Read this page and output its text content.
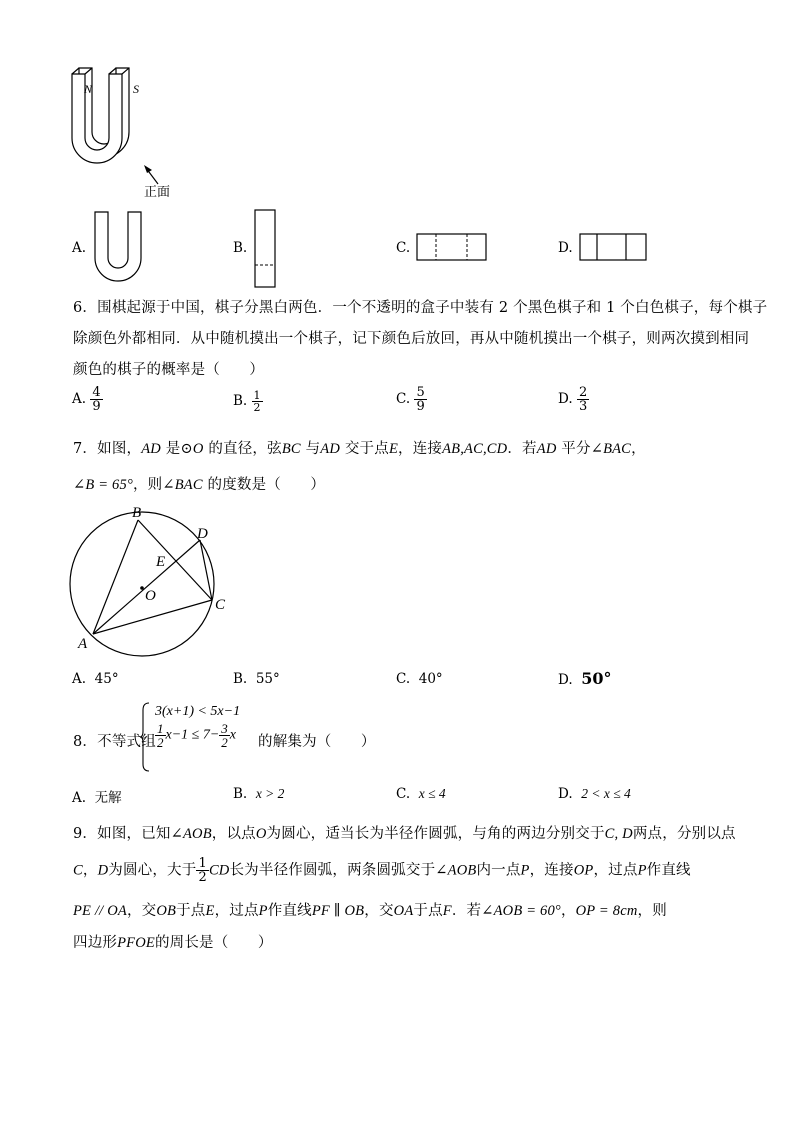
N	S
正面
A.	B.	C.	D.
6．围棋起源于中国，棋子分黑白两色．一个不透明的盒子中装有 2 个黑色棋子和 1 个白色棋子，每个棋子
除颜色外都相同．从中随机摸出一个棋子，记下颜色后放回，再从中随机摸出一个棋子，则两次摸到相同
颜色的棋子的概率是（　　）
A. $\frac{4}{9}$	B. $\frac{1}{2}$	C. $\frac{5}{9}$	D. $\frac{2}{3}$
7．如图，AD 是⊙O 的直径，弦BC 与AD 交于点E，连接AB,AC,CD．若AD 平分∠BAC，
∠B = 65°，则∠BAC 的度数是（　　）
B
D
E
O
C
A
A. 45°	B. 55°	C. 40°	D. 50°
8．不等式组
3(x+1) < 5x−1
$\frac{1}{2} x-1 \le 7- \frac{3}{2}$ x 的解集为（　　）
A. 无解	B. x > 2	C. x ≤ 4	D. 2 < x ≤ 4
9．如图，已知∠AOB，以点O为圆心，适当长为半径作圆弧，与角的两边分别交于C, D两点，分别以点
C，D为圆心，大于 $\frac{1}{2}$ CD长为半径作圆弧，两条圆弧交于∠AOB内一点P，连接OP，过点P作直线
PE // OA，交OB于点E，过点P作直线PF ∥ OB，交OA于点F．若∠AOB = 60°，OP = 8cm，则
四边形PFOE的周长是（　　）
